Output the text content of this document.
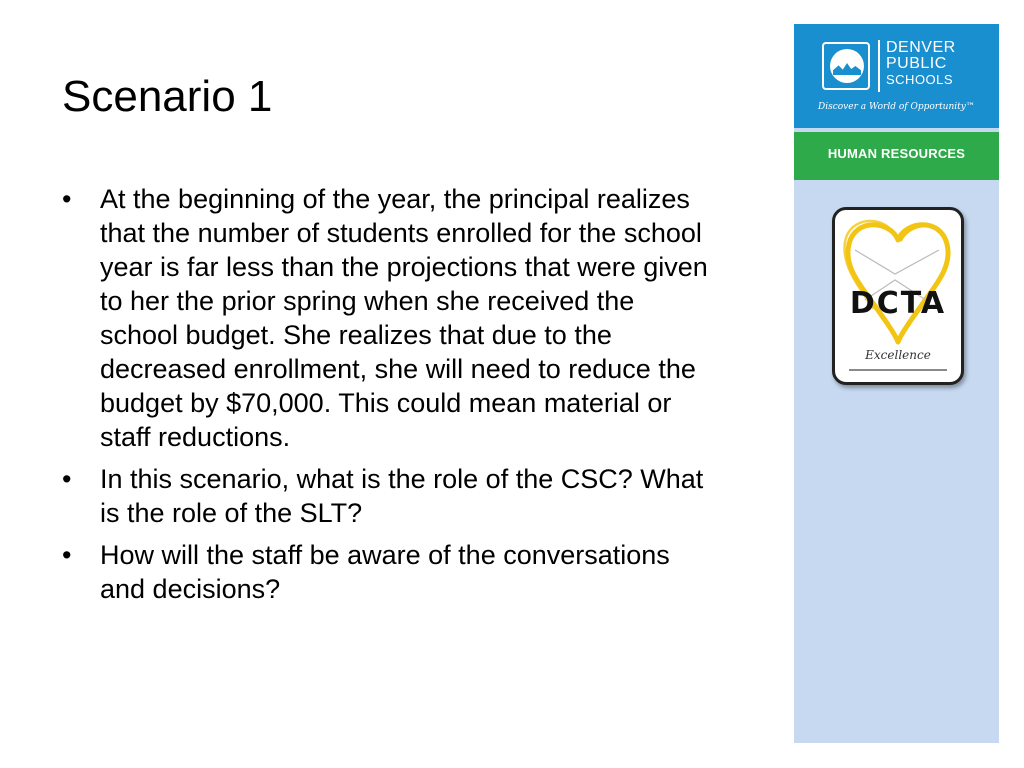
Scenario 1
•	At the beginning of the year, the principal realizes that the number of students enrolled for the school year is far less than the projections that were given to her the prior spring when she received the school budget. She realizes that due to the decreased enrollment, she will need to reduce the budget by $70,000. This could mean material or staff reductions.
•	In this scenario, what is the role of the CSC? What is the role of the SLT?
•	How will the staff be aware of the conversations and decisions?
DENVER
PUBLIC
SCHOOLS
Discover a World of Opportunity™
HUMAN RESOURCES
DCTA
Excellence
